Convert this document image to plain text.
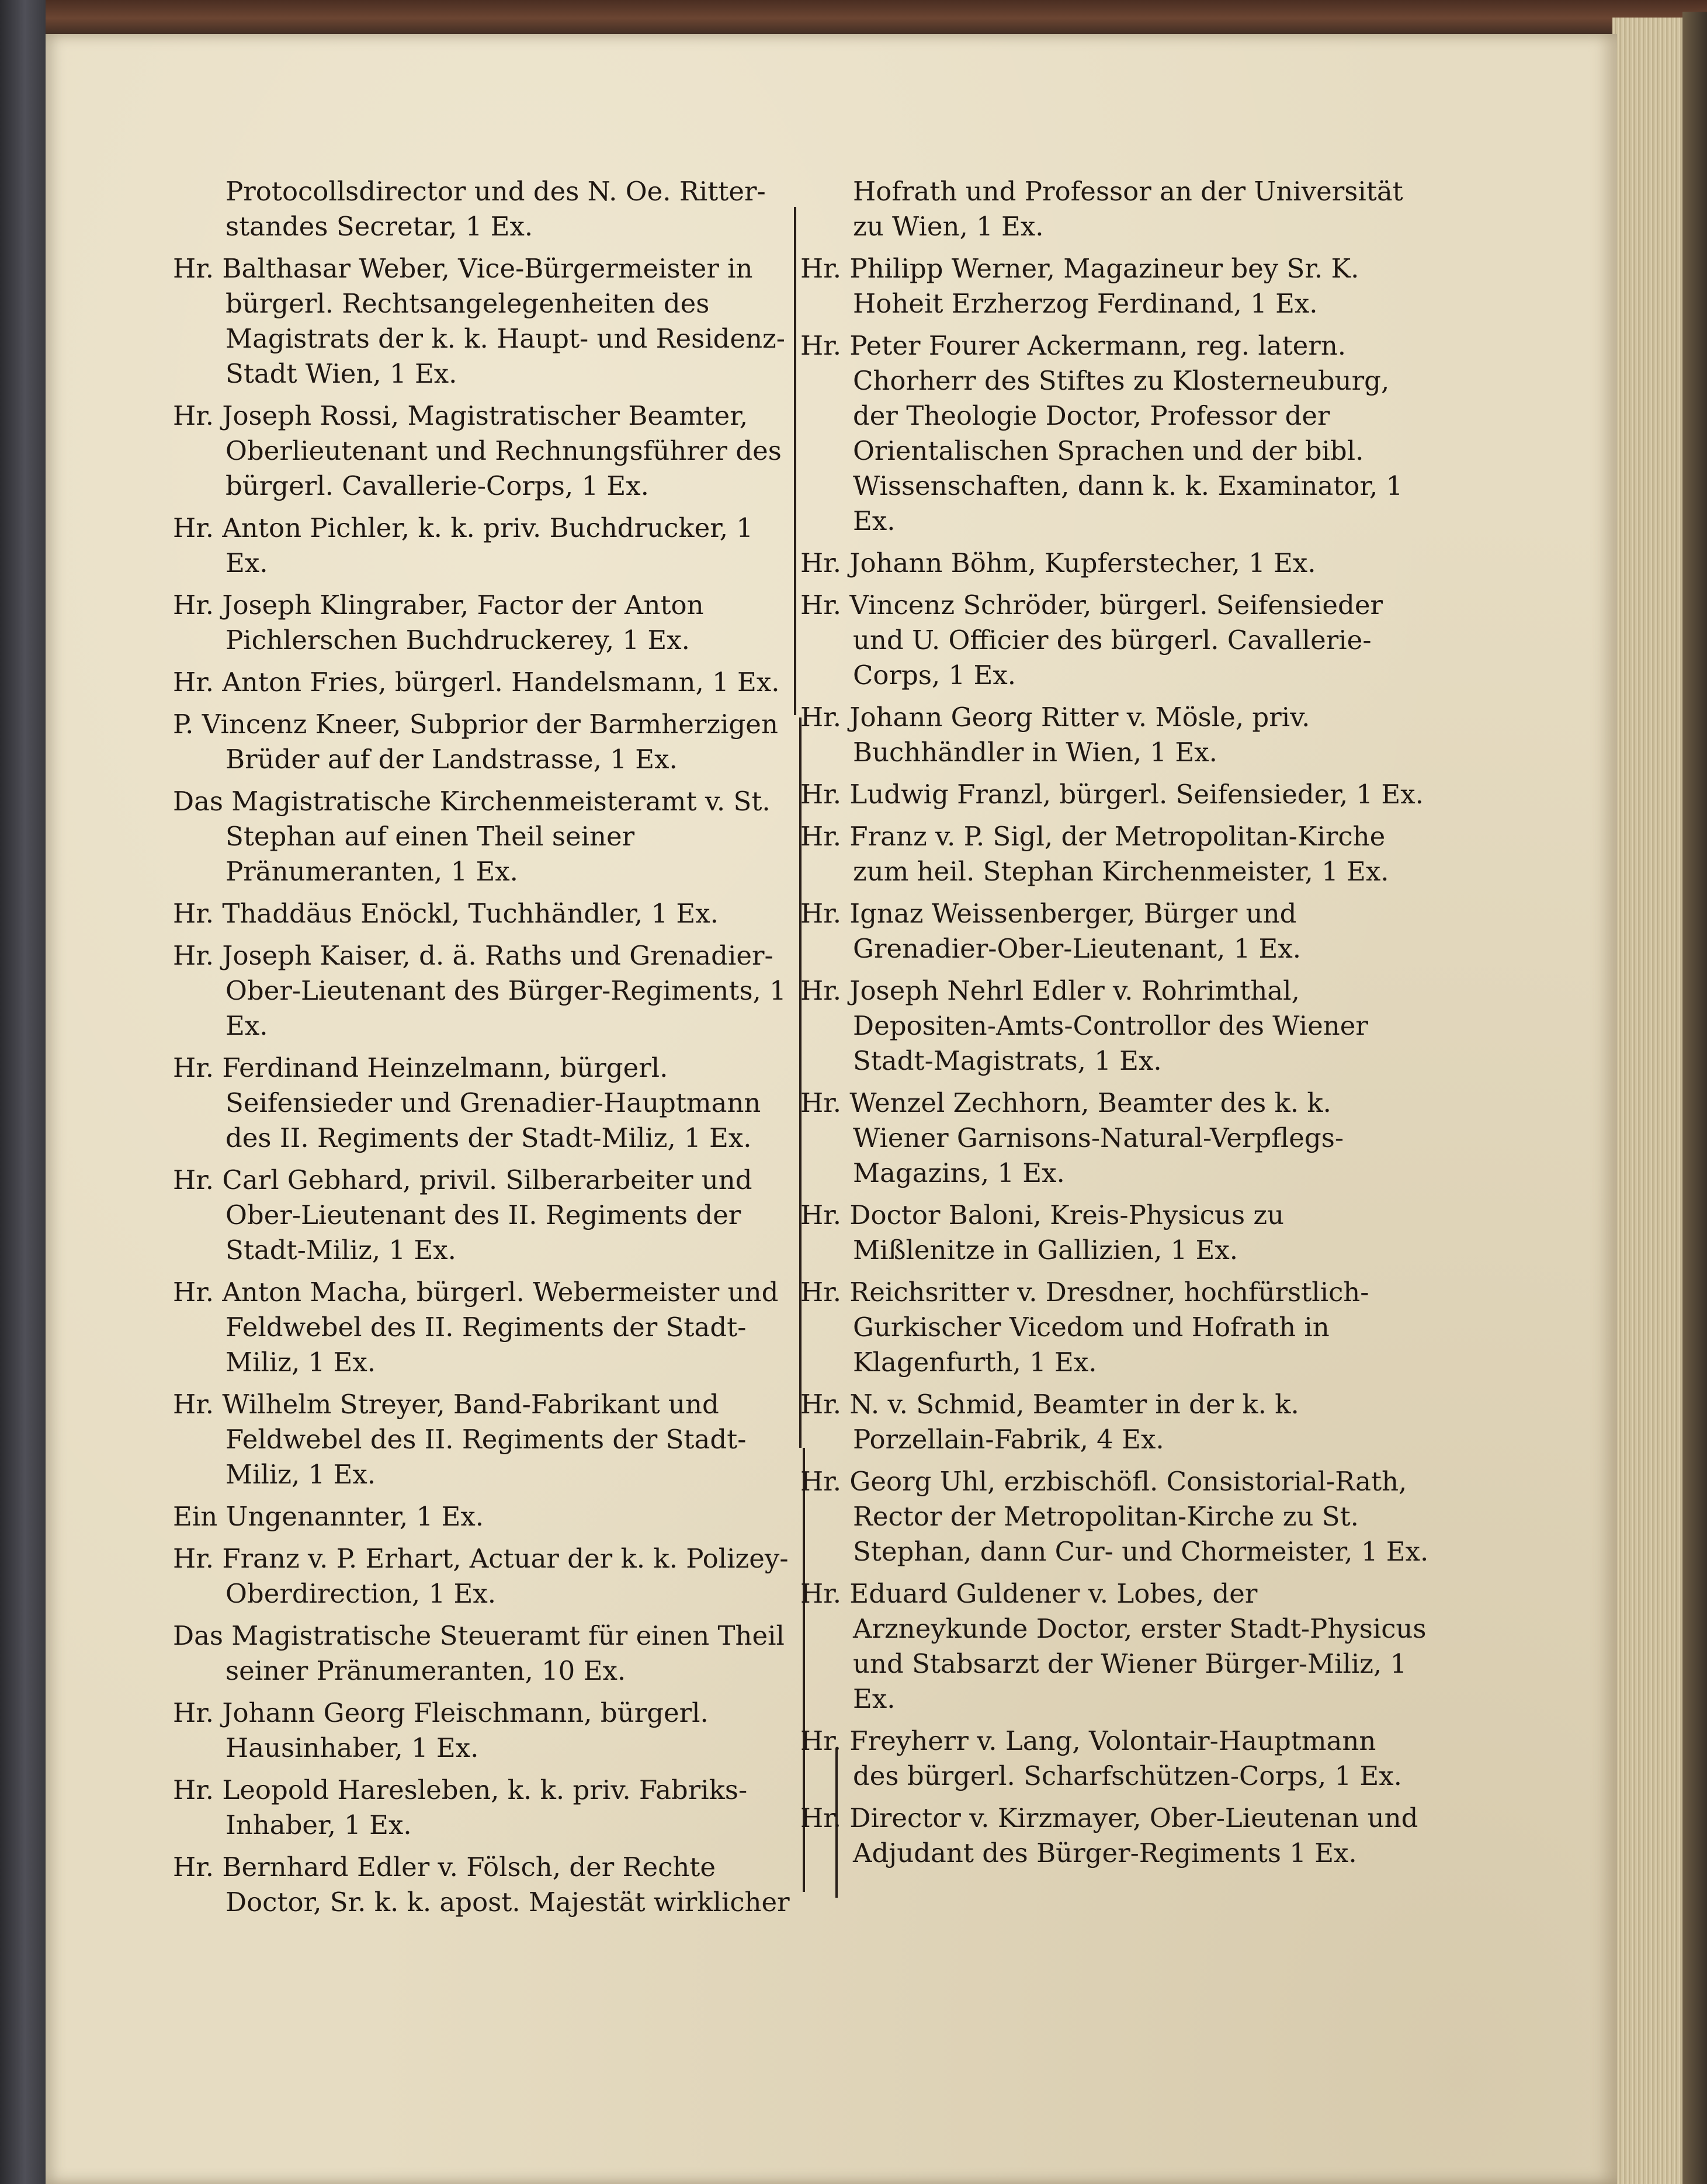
Protocollsdirector und des N. Oe. Ritter-standes Secretar, 1 Ex.

Hr. Balthasar Weber, Vice-Bürgermeister in bürgerl. Rechtsangelegenheiten des Magistrats der k. k. Haupt- und Residenz-Stadt Wien, 1 Ex.

Hr. Joseph Rossi, Magistratischer Beamter, Oberlieutenant und Rechnungsführer des bürgerl. Cavallerie-Corps, 1 Ex.

Hr. Anton Pichler, k. k. priv. Buchdrucker, 1 Ex.

Hr. Joseph Klingraber, Factor der Anton Pichlerschen Buchdruckerey, 1 Ex.

Hr. Anton Fries, bürgerl. Handelsmann, 1 Ex.

P. Vincenz Kneer, Subprior der Barmherzigen Brüder auf der Landstrasse, 1 Ex.

Das Magistratische Kirchenmeisteramt v. St. Stephan auf einen Theil seiner Pränumeranten, 1 Ex.

Hr. Thaddäus Enöckl, Tuchhändler, 1 Ex.

Hr. Joseph Kaiser, d. ä. Raths und Grenadier-Ober-Lieutenant des Bürger-Regiments, 1 Ex.

Hr. Ferdinand Heinzelmann, bürgerl. Seifensieder und Grenadier-Hauptmann des II. Regiments der Stadt-Miliz, 1 Ex.

Hr. Carl Gebhard, privil. Silberarbeiter und Ober-Lieutenant des II. Regiments der Stadt-Miliz, 1 Ex.

Hr. Anton Macha, bürgerl. Webermeister und Feldwebel des II. Regiments der Stadt-Miliz, 1 Ex.

Hr. Wilhelm Streyer, Band-Fabrikant und Feldwebel des II. Regiments der Stadt-Miliz, 1 Ex.

Ein Ungenannter, 1 Ex.

Hr. Franz v. P. Erhart, Actuar der k. k. Polizey-Oberdirection, 1 Ex.

Das Magistratische Steueramt für einen Theil seiner Pränumeranten, 10 Ex.

Hr. Johann Georg Fleischmann, bürgerl. Hausinhaber, 1 Ex.

Hr. Leopold Haresleben, k. k. priv. Fabriks-Inhaber, 1 Ex.

Hr. Bernhard Edler v. Fölsch, der Rechte Doctor, Sr. k. k. apost. Majestät wirklicher

Hofrath und Professor an der Universität zu Wien, 1 Ex.

Hr. Philipp Werner, Magazineur bey Sr. K. Hoheit Erzherzog Ferdinand, 1 Ex.

Hr. Peter Fourer Ackermann, reg. latern. Chorherr des Stiftes zu Klosterneuburg, der Theologie Doctor, Professor der Orientalischen Sprachen und der bibl. Wissenschaften, dann k. k. Examinator, 1 Ex.

Hr. Johann Böhm, Kupferstecher, 1 Ex.

Hr. Vincenz Schröder, bürgerl. Seifensieder und U. Officier des bürgerl. Cavallerie-Corps, 1 Ex.

Hr. Johann Georg Ritter v. Mösle, priv. Buchhändler in Wien, 1 Ex.

Hr. Ludwig Franzl, bürgerl. Seifensieder, 1 Ex.

Hr. Franz v. P. Sigl, der Metropolitan-Kirche zum heil. Stephan Kirchenmeister, 1 Ex.

Hr. Ignaz Weissenberger, Bürger und Grenadier-Ober-Lieutenant, 1 Ex.

Hr. Joseph Nehrl Edler v. Rohrimthal, Depositen-Amts-Controllor des Wiener Stadt-Magistrats, 1 Ex.

Hr. Wenzel Zechhorn, Beamter des k. k. Wiener Garnisons-Natural-Verpflegs-Magazins, 1 Ex.

Hr. Doctor Baloni, Kreis-Physicus zu Mißlenitze in Gallizien, 1 Ex.

Hr. Reichsritter v. Dresdner, hochfürstlich-Gurkischer Vicedom und Hofrath in Klagenfurth, 1 Ex.

Hr. N. v. Schmid, Beamter in der k. k. Porzellain-Fabrik, 4 Ex.

Hr. Georg Uhl, erzbischöfl. Consistorial-Rath, Rector der Metropolitan-Kirche zu St. Stephan, dann Cur- und Chormeister, 1 Ex.

Hr. Eduard Guldener v. Lobes, der Arzneykunde Doctor, erster Stadt-Physicus und Stabsarzt der Wiener Bürger-Miliz, 1 Ex.

Hr. Freyherr v. Lang, Volontair-Hauptmann des bürgerl. Scharfschützen-Corps, 1 Ex.

Hr. Director v. Kirzmayer, Ober-Lieutenan und Adjudant des Bürger-Regiments 1 Ex.
